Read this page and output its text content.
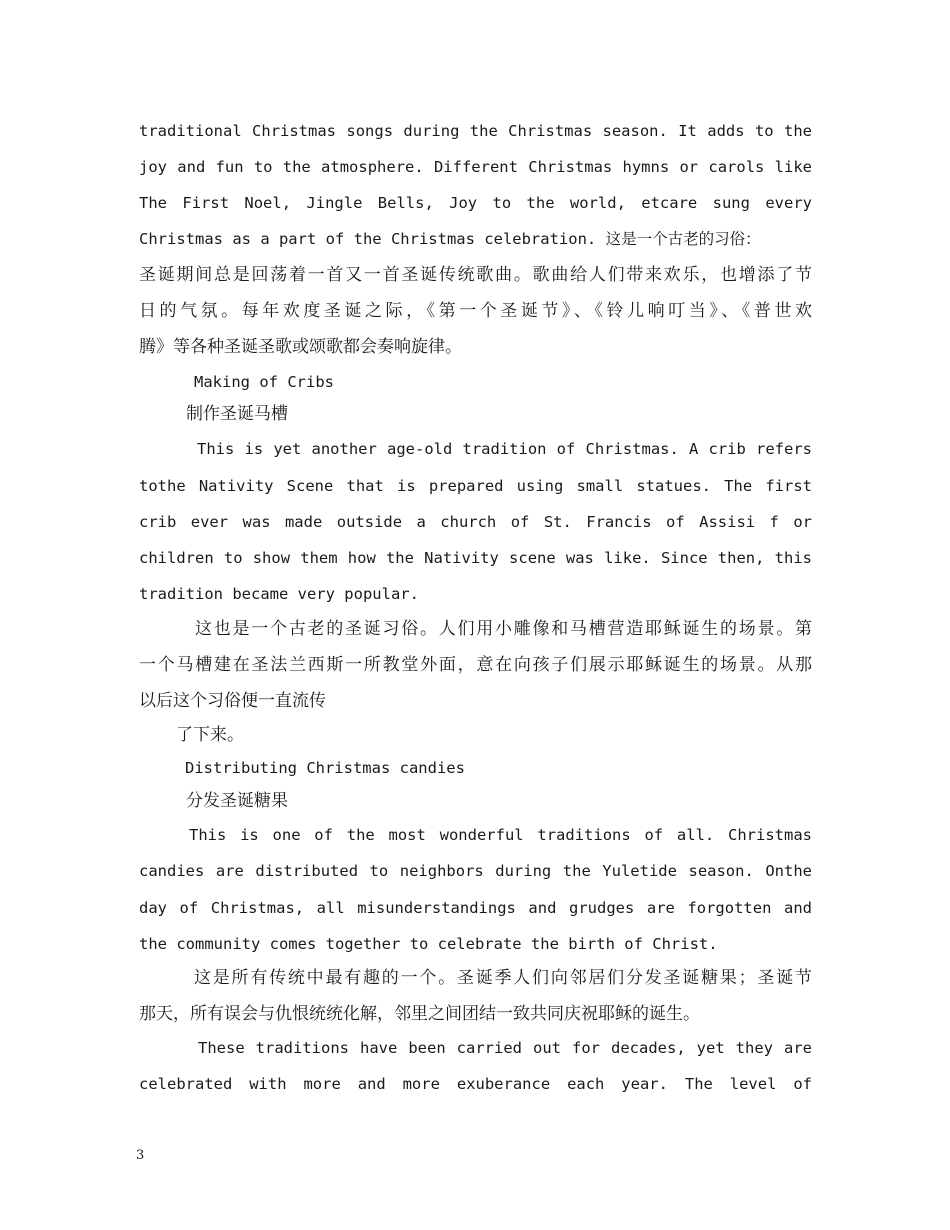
traditional Christmas songs during the Christmas season. It adds to the
joy and fun to the atmosphere. Different Christmas hymns or carols like
The First Noel, Jingle Bells, Joy to the world, etcare sung every
Christmas as a part of the Christmas celebration. 这是一个古老的习俗：
圣诞期间总是回荡着一首又一首圣诞传统歌曲。歌曲给人们带来欢乐，也增添了节
日的气氛。每年欢度圣诞之际，《第一个圣诞节》、《铃儿响叮当》、《普世欢
腾》等各种圣诞圣歌或颂歌都会奏响旋律。
Making of Cribs
制作圣诞马槽
This is yet another age-old tradition of Christmas. A crib refers
tothe Nativity Scene that is prepared using small statues. The first
crib ever was made outside a church of St. Francis of Assisi f or
children to show them how the Nativity scene was like. Since then, this
tradition became very popular.
这也是一个古老的圣诞习俗。人们用小雕像和马槽营造耶稣诞生的场景。第
一个马槽建在圣法兰西斯一所教堂外面，意在向孩子们展示耶稣诞生的场景。从那
以后这个习俗便一直流传
了下来。
Distributing Christmas candies
分发圣诞糖果
This is one of the most wonderful traditions of all. Christmas
candies are distributed to neighbors during the Yuletide season. Onthe
day of Christmas, all misunderstandings and grudges are forgotten and
the community comes together to celebrate the birth of Christ.
这是所有传统中最有趣的一个。圣诞季人们向邻居们分发圣诞糖果；圣诞节
那天，所有误会与仇恨统统化解，邻里之间团结一致共同庆祝耶稣的诞生。
These traditions have been carried out for decades, yet they are
celebrated with more and more exuberance each year. The level of
3
